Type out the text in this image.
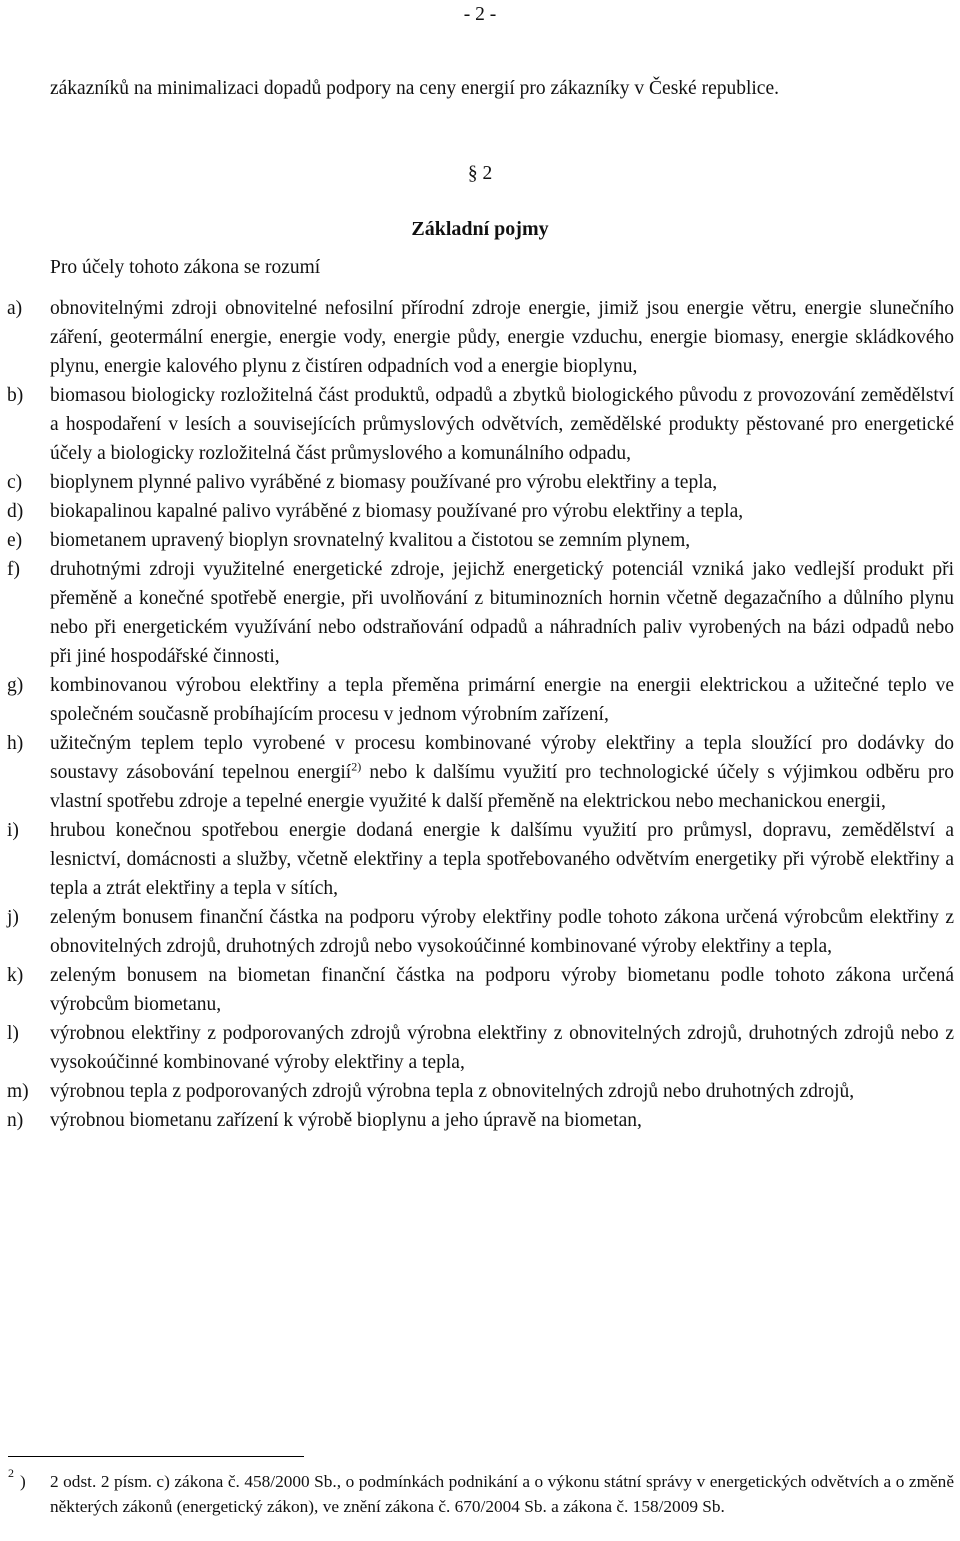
- 2 -
zákazníků na minimalizaci dopadů podpory na ceny energií pro zákazníky v České republice.
§ 2
Základní pojmy
Pro účely tohoto zákona se rozumí
a) obnovitelnými zdroji obnovitelné nefosilní přírodní zdroje energie, jimiž jsou energie větru, energie slunečního záření, geotermální energie, energie vody, energie půdy, energie vzduchu, energie biomasy, energie skládkového plynu, energie kalového plynu z čistíren odpadních vod a energie bioplynu,
b) biomasou biologicky rozložitelná část produktů, odpadů a zbytků biologického původu z provozování zemědělství a hospodaření v lesích a souvisejících průmyslových odvětvích, zemědělské produkty pěstované pro energetické účely a biologicky rozložitelná část průmyslového a komunálního odpadu,
c) bioplynem plynné palivo vyráběné z biomasy používané pro výrobu elektřiny a tepla,
d) biokapalinou kapalné palivo vyráběné z biomasy používané pro výrobu elektřiny a tepla,
e) biometanem upravený bioplyn srovnatelný kvalitou a čistotou se zemním plynem,
f) druhotnými zdroji využitelné energetické zdroje, jejichž energetický potenciál vzniká jako vedlejší produkt při přeměně a konečné spotřebě energie, při uvolňování z bituminozních hornin včetně degazačního a důlního plynu nebo při energetickém využívání nebo odstraňování odpadů a náhradních paliv vyrobených na bázi odpadů nebo při jiné hospodářské činnosti,
g) kombinovanou výrobou elektřiny a tepla přeměna primární energie na energii elektrickou a užitečné teplo ve společném současně probíhajícím procesu v jednom výrobním zařízení,
h) užitečným teplem teplo vyrobené v procesu kombinované výroby elektřiny a tepla sloužící pro dodávky do soustavy zásobování tepelnou energií$^{2)}$ nebo k dalšímu využití pro technologické účely s výjimkou odběru pro vlastní spotřebu zdroje a tepelné energie využité k další přeměně na elektrickou nebo mechanickou energii,
i) hrubou konečnou spotřebou energie dodaná energie k dalšímu využití pro průmysl, dopravu, zemědělství a lesnictví, domácnosti a služby, včetně elektřiny a tepla spotřebovaného odvětvím energetiky při výrobě elektřiny a tepla a ztrát elektřiny a tepla v sítích,
j) zeleným bonusem finanční částka na podporu výroby elektřiny podle tohoto zákona určená výrobcům elektřiny z obnovitelných zdrojů, druhotných zdrojů nebo vysokoúčinné kombinované výroby elektřiny a tepla,
k) zeleným bonusem na biometan finanční částka na podporu výroby biometanu podle tohoto zákona určená výrobcům biometanu,
l) výrobnou elektřiny z podporovaných zdrojů výrobna elektřiny z obnovitelných zdrojů, druhotných zdrojů nebo z vysokoúčinné kombinované výroby elektřiny a tepla,
m) výrobnou tepla z podporovaných zdrojů výrobna tepla z obnovitelných zdrojů nebo druhotných zdrojů,
n) výrobnou biometanu zařízení k výrobě bioplynu a jeho úpravě na biometan,
2 )	2 odst. 2 písm. c) zákona č. 458/2000 Sb., o podmínkách podnikání a o výkonu státní správy v energetických odvětvích a o změně některých zákonů (energetický zákon), ve znění zákona č. 670/2004 Sb. a zákona č. 158/2009 Sb.
